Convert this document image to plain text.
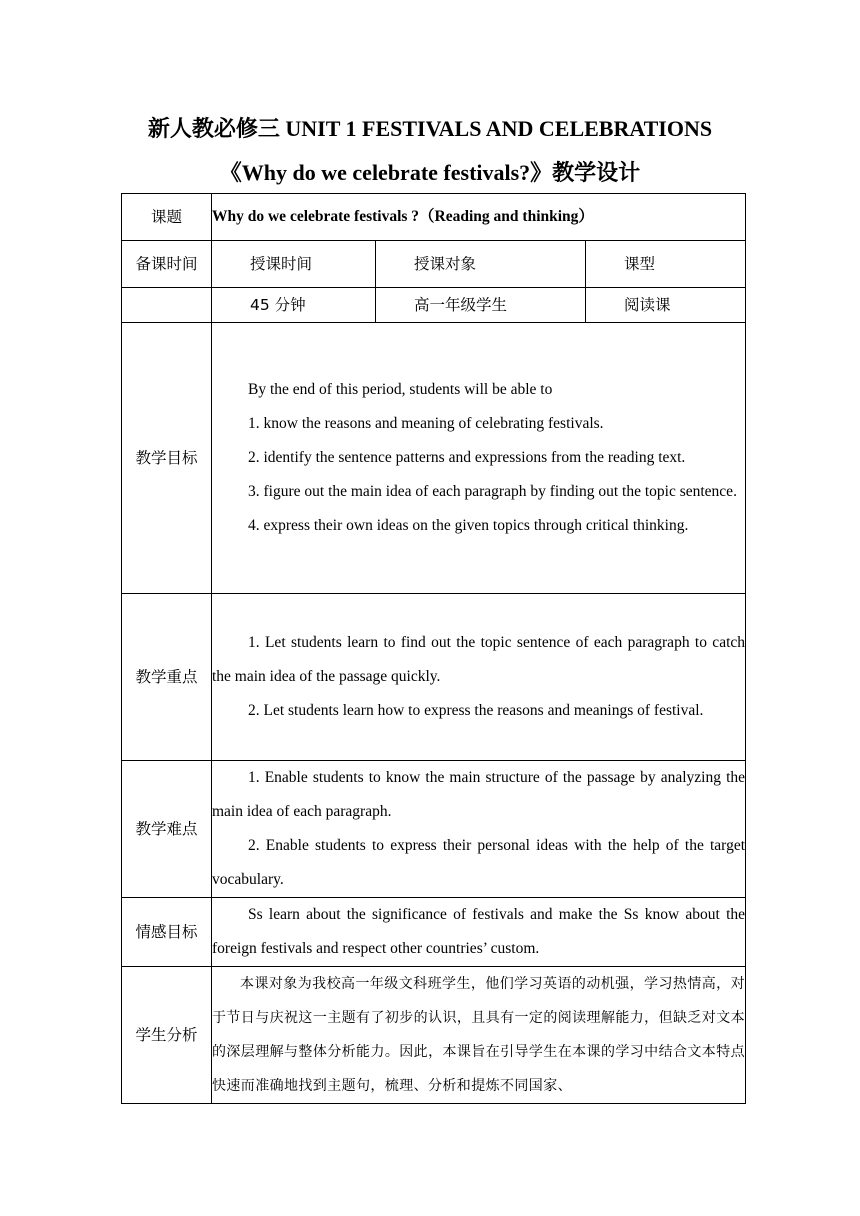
新人教必修三 UNIT 1 FESTIVALS AND CELEBRATIONS
《Why do we celebrate festivals?》教学设计
课题	Why do we celebrate festivals ?（Reading and thinking）		
备课时间	授课时间	授课对象	课型
	45 分钟	高一年级学生	阅读课
教学目标	By the end of this period, students will be able to

1. know the reasons and meaning of celebrating festivals.

2. identify the sentence patterns and expressions from the reading text.

3. figure out the main idea of each paragraph by finding out the topic sentence.

4. express their own ideas on the given topics through critical thinking.		

教学重点	1. Let students learn to find out the topic sentence of each paragraph to catch the main idea of the passage quickly.

2. Let students learn how to express the reasons and meanings of festival.		

教学难点	1. Enable students to know the main structure of the passage by analyzing the main idea of each paragraph.

2. Enable students to express their personal ideas with the help of the target vocabulary.		

情感目标	Ss learn about the significance of festivals and make the Ss know about the foreign festivals and respect other countries’ custom.		

学生分析	本课对象为我校高一年级文科班学生，他们学习英语的动机强，学习热情高，对于节日与庆祝这一主题有了初步的认识，且具有一定的阅读理解能力，但缺乏对文本的深层理解与整体分析能力。因此，本课旨在引导学生在本课的学习中结合文本特点快速而准确地找到主题句，梳理、分析和提炼不同国家、		
